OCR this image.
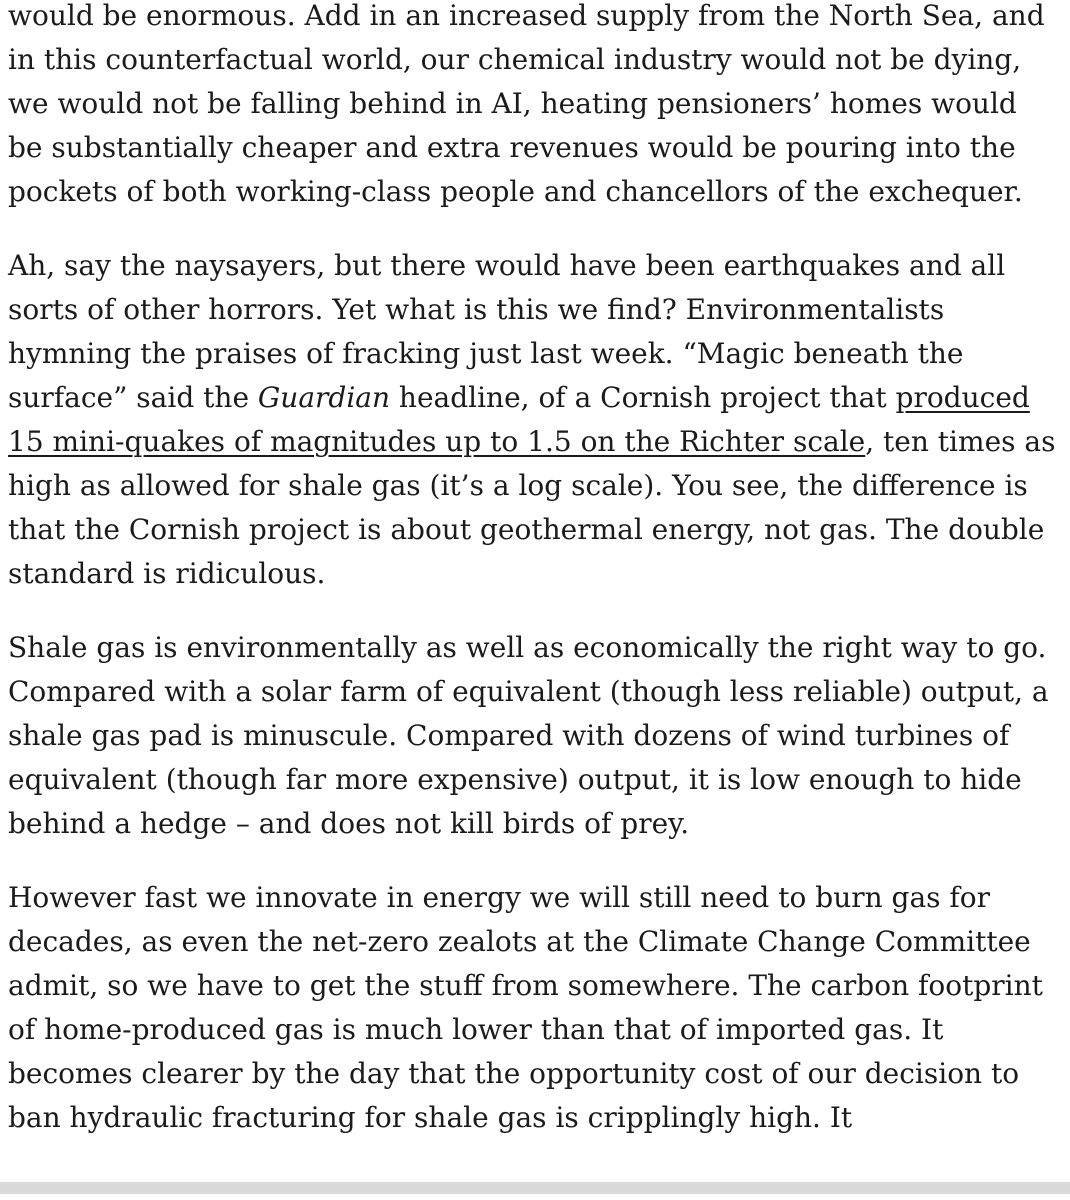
would be enormous. Add in an increased supply from the North Sea, and in this counterfactual world, our chemical industry would not be dying, we would not be falling behind in AI, heating pensioners’ homes would be substantially cheaper and extra revenues would be pouring into the pockets of both working-class people and chancellors of the exchequer.

Ah, say the naysayers, but there would have been earthquakes and all sorts of other horrors. Yet what is this we find? Environmentalists hymning the praises of fracking just last week. “Magic beneath the surface” said the Guardian headline, of a Cornish project that produced 15 mini-quakes of magnitudes up to 1.5 on the Richter scale, ten times as high as allowed for shale gas (it’s a log scale). You see, the difference is that the Cornish project is about geothermal energy, not gas. The double standard is ridiculous.

Shale gas is environmentally as well as economically the right way to go. Compared with a solar farm of equivalent (though less reliable) output, a shale gas pad is minuscule. Compared with dozens of wind turbines of equivalent (though far more expensive) output, it is low enough to hide behind a hedge – and does not kill birds of prey.

However fast we innovate in energy we will still need to burn gas for decades, as even the net-zero zealots at the Climate Change Committee admit, so we have to get the stuff from somewhere. The carbon footprint of home-produced gas is much lower than that of imported gas. It becomes clearer by the day that the opportunity cost of our decision to ban hydraulic fracturing for shale gas is cripplingly high. It
